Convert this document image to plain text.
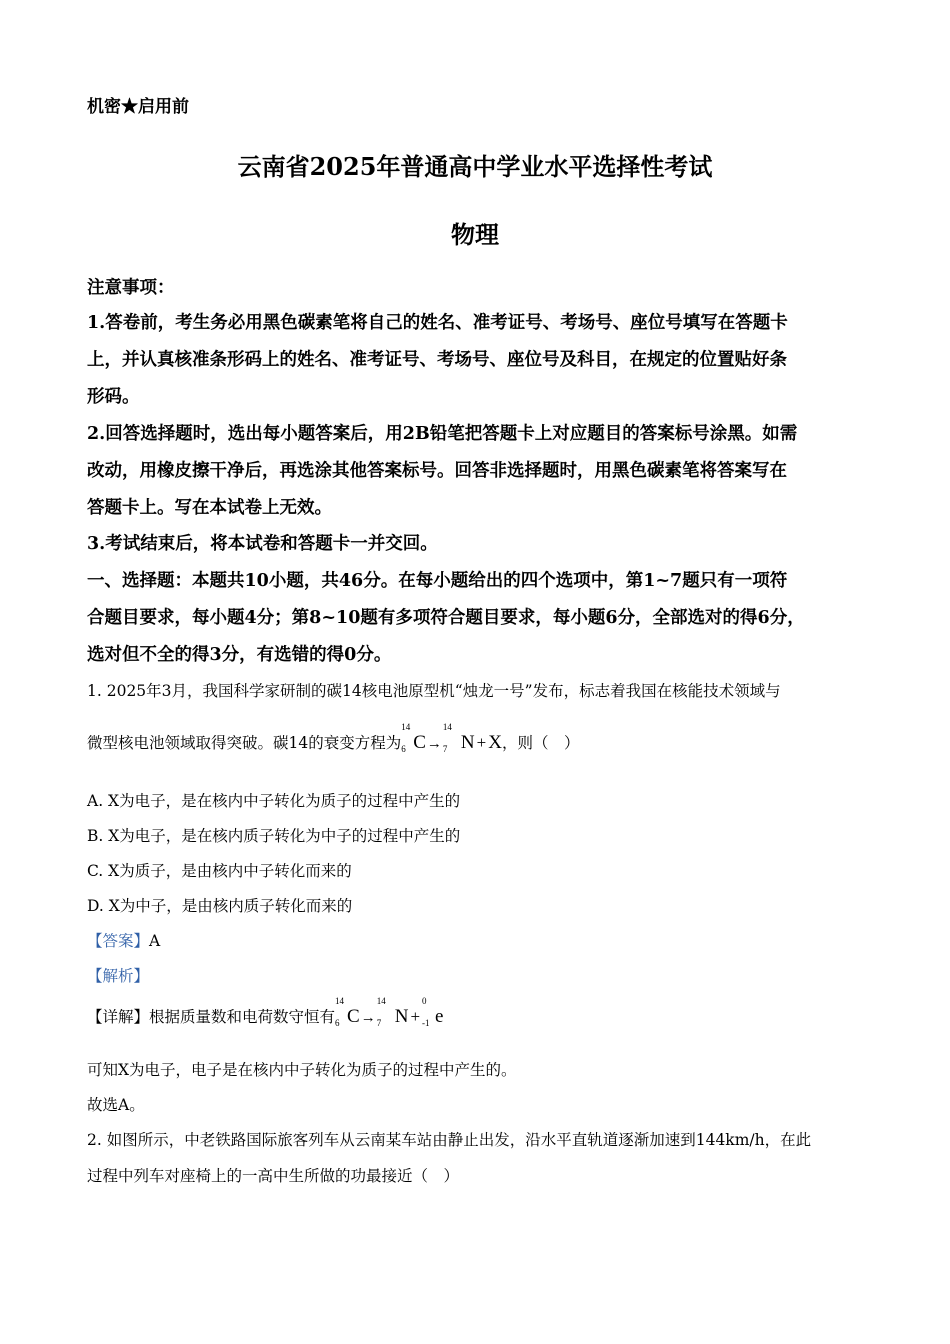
机密★启用前
云南省2025年普通高中学业水平选择性考试
物理
注意事项：
1.答卷前，考生务必用黑色碳素笔将自己的姓名、准考证号、考场号、座位号填写在答题卡
上，并认真核准条形码上的姓名、准考证号、考场号、座位号及科目，在规定的位置贴好条
形码。
2.回答选择题时，选出每小题答案后，用2B铅笔把答题卡上对应题目的答案标号涂黑。如需
改动，用橡皮擦干净后，再选涂其他答案标号。回答非选择题时，用黑色碳素笔将答案写在
答题卡上。写在本试卷上无效。
3.考试结束后，将本试卷和答题卡一并交回。
一、选择题：本题共10小题，共46分。在每小题给出的四个选项中，第1~7题只有一项符
合题目要求，每小题4分；第8~10题有多项符合题目要求，每小题6分，全部选对的得6分，
选对但不全的得3分，有选错的得0分。
1. 2025年3月，我国科学家研制的碳14核电池原型机“烛龙一号”发布，标志着我国在核能技术领域与
微型核电池领域取得突破。碳14的衰变方程为
14
6 C→
14
7 N + X，则（　）
A. X为电子，是在核内中子转化为质子的过程中产生的
B. X为电子，是在核内质子转化为中子的过程中产生的
C. X为质子，是由核内中子转化而来的
D. X为中子，是由核内质子转化而来的
【答案】A
【解析】
【详解】根据质量数和电荷数守恒有
14
6 C→
14
7 N +
0
-1 e
可知X为电子，电子是在核内中子转化为质子的过程中产生的。
故选A。
2. 如图所示，中老铁路国际旅客列车从云南某车站由静止出发，沿水平直轨道逐渐加速到144km/h，在此
过程中列车对座椅上的一高中生所做的功最接近（　）
